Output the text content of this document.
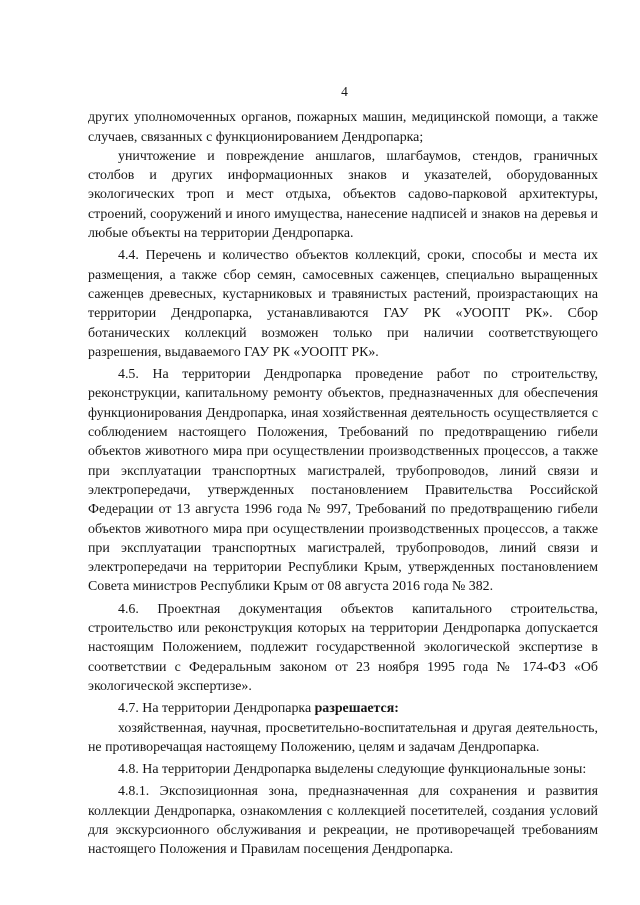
4

других уполномоченных органов, пожарных машин, медицинской помощи, а также случаев, связанных с функционированием Дендропарка;

уничтожение и повреждение аншлагов, шлагбаумов, стендов, граничных столбов и других информационных знаков и указателей, оборудованных экологических троп и мест отдыха, объектов садово-парковой архитектуры, строений, сооружений и иного имущества, нанесение надписей и знаков на деревья и любые объекты на территории Дендропарка.

4.4. Перечень и количество объектов коллекций, сроки, способы и места их размещения, а также сбор семян, самосевных саженцев, специально выращенных саженцев древесных, кустарниковых и травянистых растений, произрастающих на территории Дендропарка, устанавливаются ГАУ РК «УООПТ РК». Сбор ботанических коллекций возможен только при наличии соответствующего разрешения, выдаваемого ГАУ РК «УООПТ РК».

4.5. На территории Дендропарка проведение работ по строительству, реконструкции, капитальному ремонту объектов, предназначенных для обеспечения функционирования Дендропарка, иная хозяйственная деятельность осуществляется с соблюдением настоящего Положения, Требований по предотвращению гибели объектов животного мира при осуществлении производственных процессов, а также при эксплуатации транспортных магистралей, трубопроводов, линий связи и электропередачи, утвержденных постановлением Правительства Российской Федерации от 13 августа 1996 года № 997, Требований по предотвращению гибели объектов животного мира при осуществлении производственных процессов, а также при эксплуатации транспортных магистралей, трубопроводов, линий связи и электропередачи на территории Республики Крым, утвержденных постановлением Совета министров Республики Крым от 08 августа 2016 года № 382.

4.6. Проектная документация объектов капитального строительства, строительство или реконструкция которых на территории Дендропарка допускается настоящим Положением, подлежит государственной экологической экспертизе в соответствии с Федеральным законом от 23 ноября 1995 года № 174-ФЗ «Об экологической экспертизе».

4.7. На территории Дендропарка разрешается:

хозяйственная, научная, просветительно-воспитательная и другая деятельность, не противоречащая настоящему Положению, целям и задачам Дендропарка.

4.8. На территории Дендропарка выделены следующие функциональные зоны:

4.8.1. Экспозиционная зона, предназначенная для сохранения и развития коллекции Дендропарка, ознакомления с коллекцией посетителей, создания условий для экскурсионного обслуживания и рекреации, не противоречащей требованиям настоящего Положения и Правилам посещения Дендропарка.
